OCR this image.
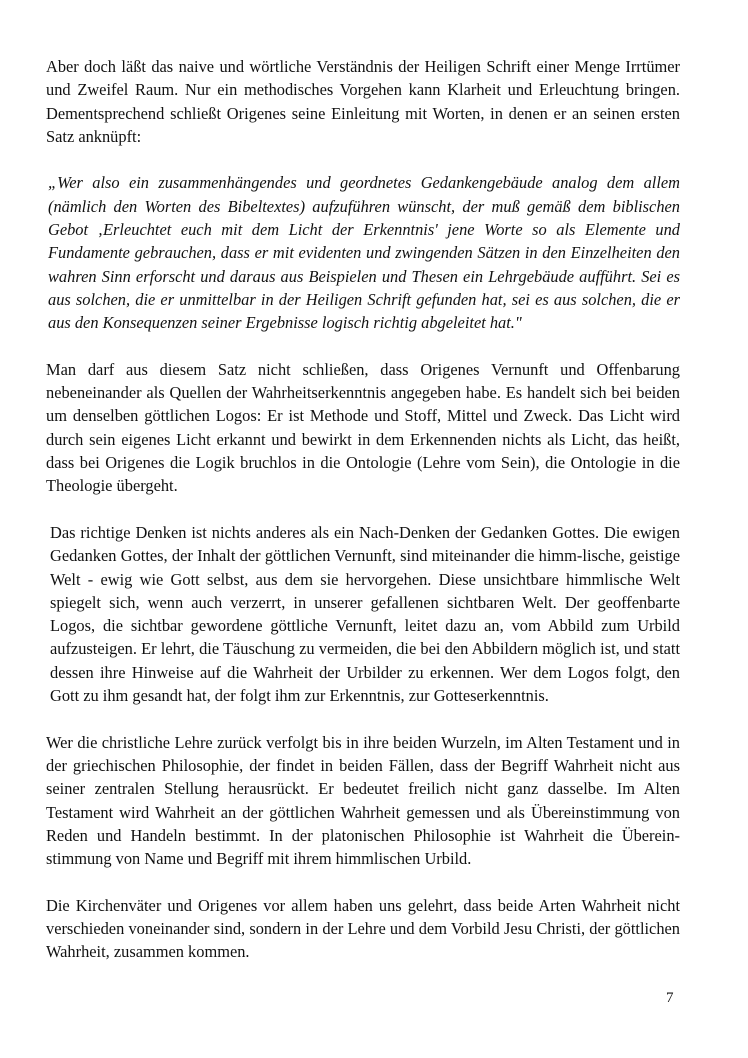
Aber doch läßt das naive und wörtliche Verständnis der Heiligen Schrift einer Menge Irrtümer und Zweifel Raum. Nur ein methodisches Vorgehen kann Klarheit und Erleuchtung bringen. Dementsprechend schließt Origenes seine Einleitung mit Worten, in denen er an seinen ersten Satz anknüpft:

„Wer also ein zusammenhängendes und geordnetes Gedankengebäude analog dem allem (nämlich den Worten des Bibeltextes) aufzuführen wünscht, der muß gemäß dem biblischen Gebot ‚Erleuchtet euch mit dem Licht der Erkenntnis' jene Worte so als Elemente und Fundamente gebrauchen, dass er mit evidenten und zwingenden Sätzen in den Einzelheiten den wahren Sinn erforscht und daraus aus Beispielen und Thesen ein Lehrgebäude aufführt. Sei es aus solchen, die er unmittelbar in der Heiligen Schrift gefunden hat, sei es aus solchen, die er aus den Konsequenzen seiner Ergebnisse logisch richtig abgeleitet hat."

Man darf aus diesem Satz nicht schließen, dass Origenes Vernunft und Offenbarung nebeneinander als Quellen der Wahrheitserkenntnis angegeben habe. Es handelt sich bei beiden um denselben göttlichen Logos: Er ist Methode und Stoff, Mittel und Zweck. Das Licht wird durch sein eigenes Licht erkannt und bewirkt in dem Erkennenden nichts als Licht, das heißt, dass bei Origenes die Logik bruchlos in die Ontologie (Lehre vom Sein), die Ontologie in die Theologie übergeht.

Das richtige Denken ist nichts anderes als ein Nach-Denken der Gedanken Gottes. Die ewigen Gedanken Gottes, der Inhalt der göttlichen Vernunft, sind miteinander die himm-lische, geistige Welt - ewig wie Gott selbst, aus dem sie hervorgehen. Diese unsichtbare himmlische Welt spiegelt sich, wenn auch verzerrt, in unserer gefallenen sichtbaren Welt. Der geoffenbarte Logos, die sichtbar gewordene göttliche Vernunft, leitet dazu an, vom Abbild zum Urbild aufzusteigen. Er lehrt, die Täuschung zu vermeiden, die bei den Abbildern möglich ist, und statt dessen ihre Hinweise auf die Wahrheit der Urbilder zu erkennen. Wer dem Logos folgt, den Gott zu ihm gesandt hat, der folgt ihm zur Erkenntnis, zur Gotteserkenntnis.

Wer die christliche Lehre zurück verfolgt bis in ihre beiden Wurzeln, im Alten Testament und in der griechischen Philosophie, der findet in beiden Fällen, dass der Begriff Wahrheit nicht aus seiner zentralen Stellung herausrückt. Er bedeutet freilich nicht ganz dasselbe. Im Alten Testament wird Wahrheit an der göttlichen Wahrheit gemessen und als Übereinstimmung von Reden und Handeln bestimmt. In der platonischen Philosophie ist Wahrheit die Überein-stimmung von Name und Begriff mit ihrem himmlischen Urbild.

Die Kirchenväter und Origenes vor allem haben uns gelehrt, dass beide Arten Wahrheit nicht verschieden voneinander sind, sondern in der Lehre und dem Vorbild Jesu Christi, der göttlichen Wahrheit, zusammen kommen.

7
